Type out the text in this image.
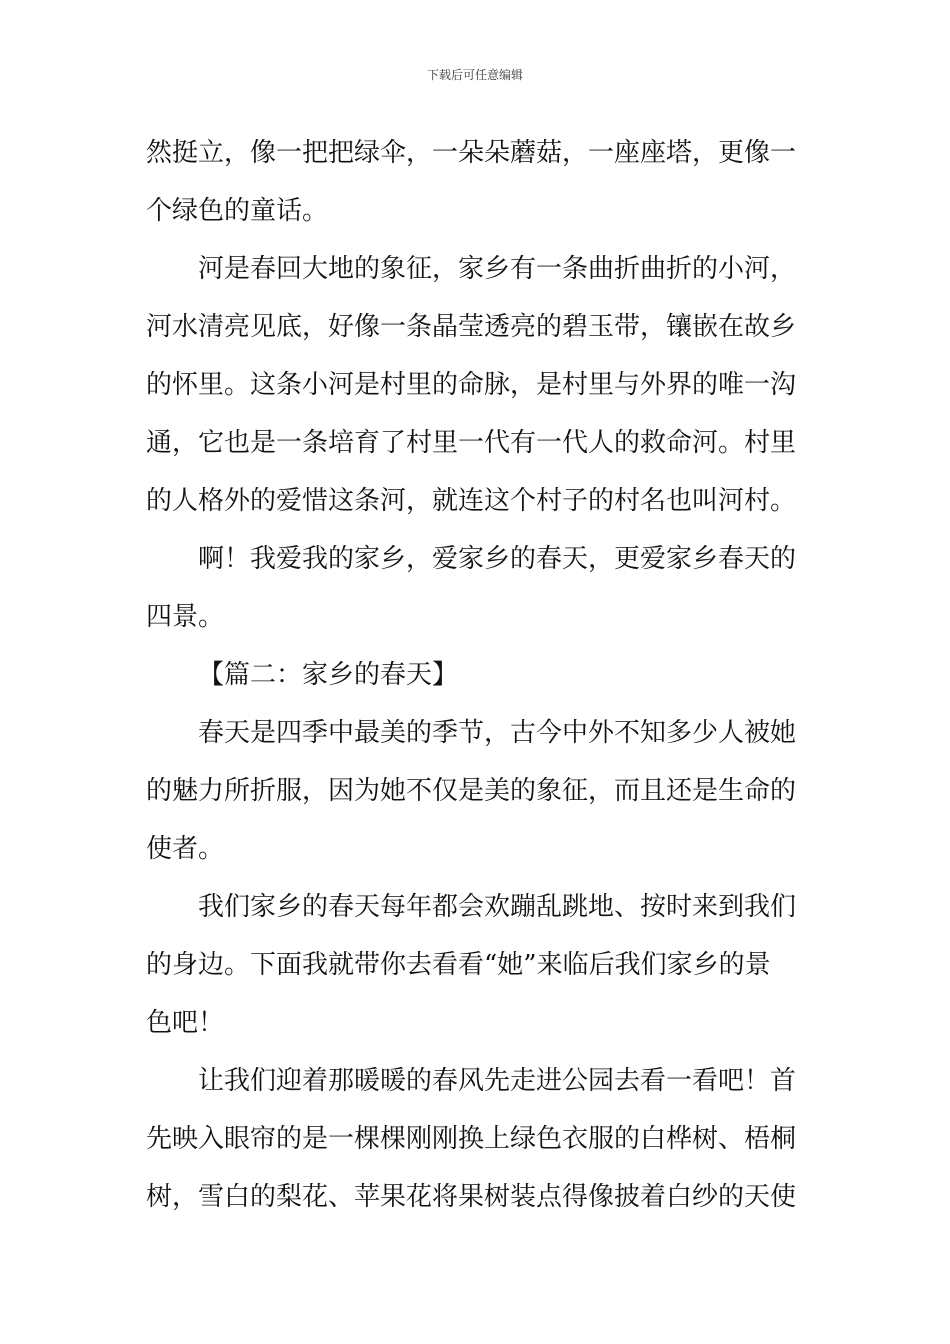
下载后可任意编辑
然挺立，像一把把绿伞，一朵朵蘑菇，一座座塔，更像一
个绿色的童话。
河是春回大地的象征，家乡有一条曲折曲折的小河，
河水清亮见底，好像一条晶莹透亮的碧玉带，镶嵌在故乡
的怀里。这条小河是村里的命脉，是村里与外界的唯一沟
通，它也是一条培育了村里一代有一代人的救命河。村里
的人格外的爱惜这条河，就连这个村子的村名也叫河村。
啊！我爱我的家乡，爱家乡的春天，更爱家乡春天的
四景。
【篇二：家乡的春天】
春天是四季中最美的季节，古今中外不知多少人被她
的魅力所折服，因为她不仅是美的象征，而且还是生命的
使者。
我们家乡的春天每年都会欢蹦乱跳地、按时来到我们
的身边。下面我就带你去看看“她”来临后我们家乡的景
色吧！
让我们迎着那暖暖的春风先走进公园去看一看吧！首
先映入眼帘的是一棵棵刚刚换上绿色衣服的白桦树、梧桐
树，雪白的梨花、苹果花将果树装点得像披着白纱的天使
